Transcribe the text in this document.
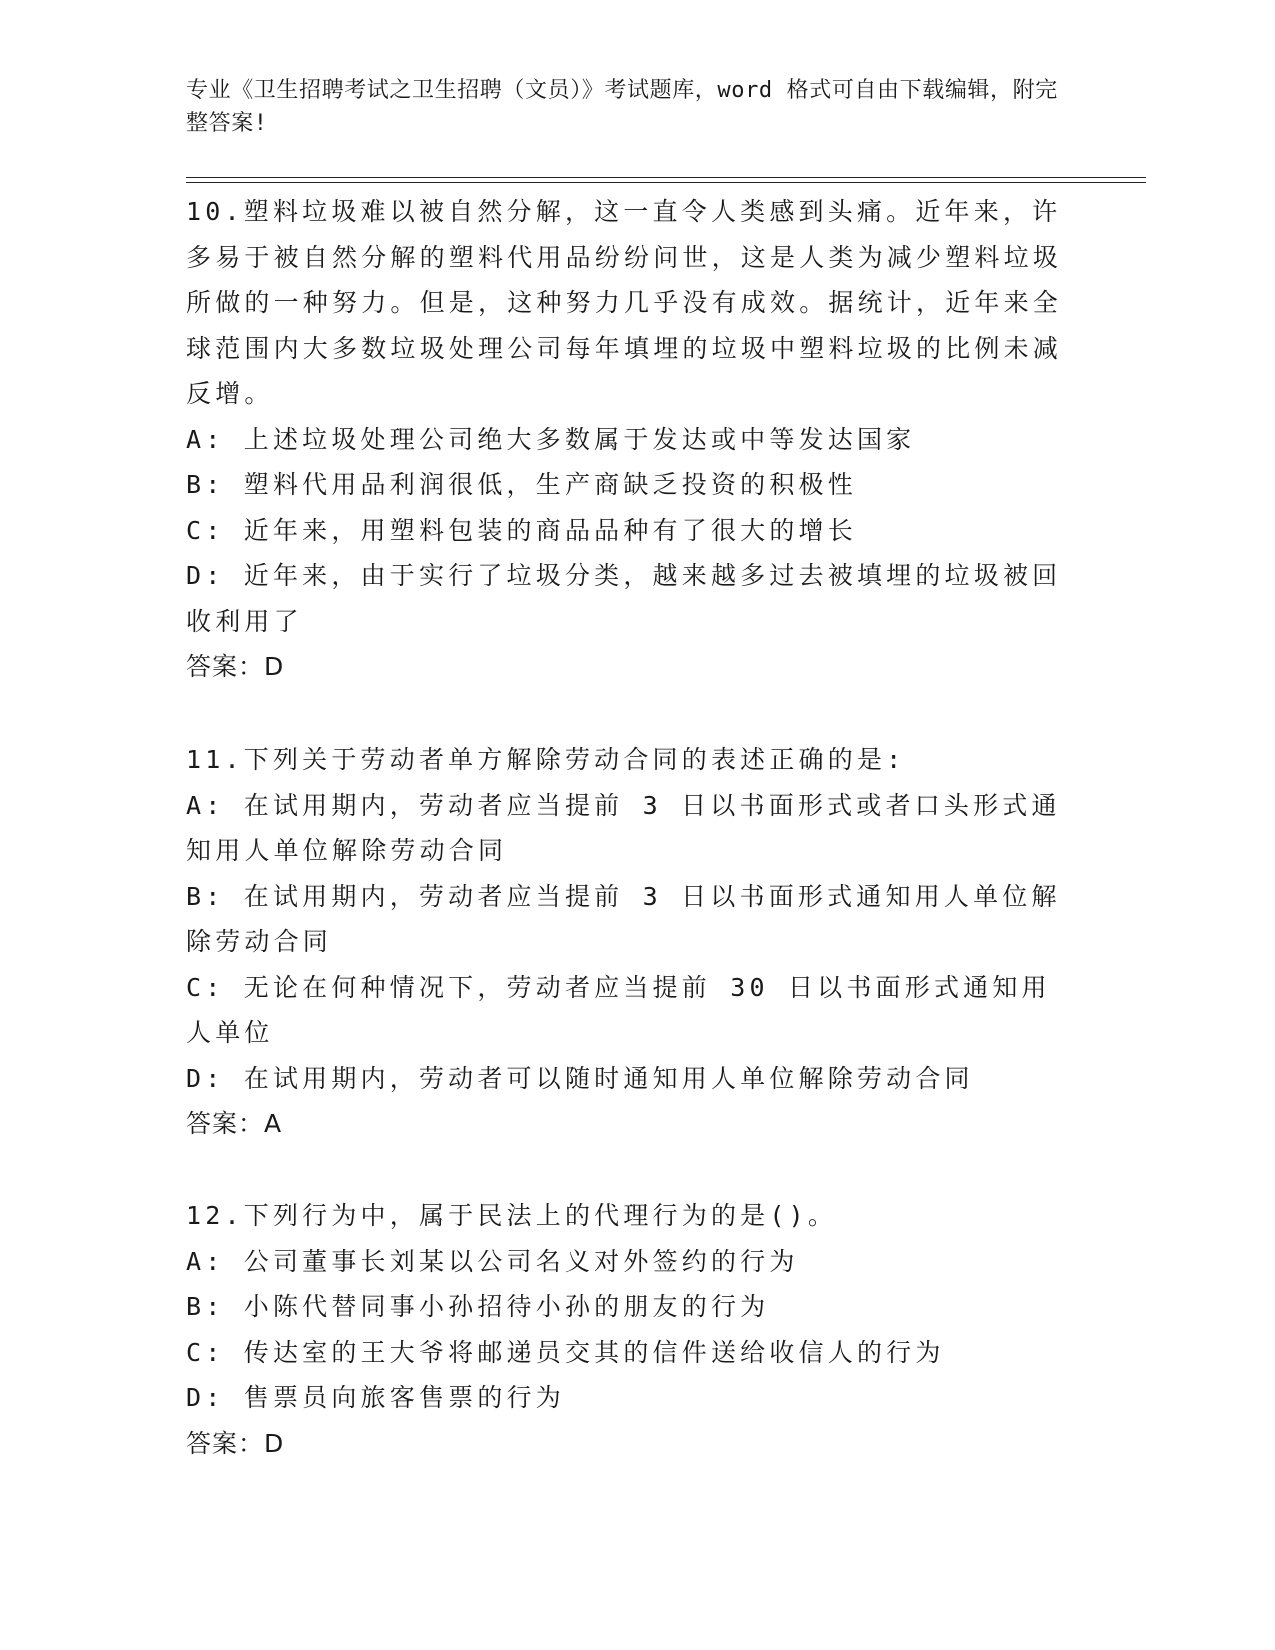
专业《卫生招聘考试之卫生招聘（文员）》考试题库，word 格式可自由下载编辑，附完整答案!

10.塑料垃圾难以被自然分解，这一直令人类感到头痛。近年来，许多易于被自然分解的塑料代用品纷纷问世，这是人类为减少塑料垃圾所做的一种努力。但是，这种努力几乎没有成效。据统计，近年来全球范围内大多数垃圾处理公司每年填埋的垃圾中塑料垃圾的比例未减反增。

A: 上述垃圾处理公司绝大多数属于发达或中等发达国家

B: 塑料代用品利润很低，生产商缺乏投资的积极性

C: 近年来，用塑料包装的商品品种有了很大的增长

D: 近年来，由于实行了垃圾分类，越来越多过去被填埋的垃圾被回收利用了

答案：D

11.下列关于劳动者单方解除劳动合同的表述正确的是:

A: 在试用期内，劳动者应当提前 3 日以书面形式或者口头形式通知用人单位解除劳动合同

B: 在试用期内，劳动者应当提前 3 日以书面形式通知用人单位解除劳动合同

C: 无论在何种情况下，劳动者应当提前 30 日以书面形式通知用人单位

D: 在试用期内，劳动者可以随时通知用人单位解除劳动合同

答案：A

12.下列行为中，属于民法上的代理行为的是()。

A: 公司董事长刘某以公司名义对外签约的行为

B: 小陈代替同事小孙招待小孙的朋友的行为

C: 传达室的王大爷将邮递员交其的信件送给收信人的行为

D: 售票员向旅客售票的行为

答案：D
